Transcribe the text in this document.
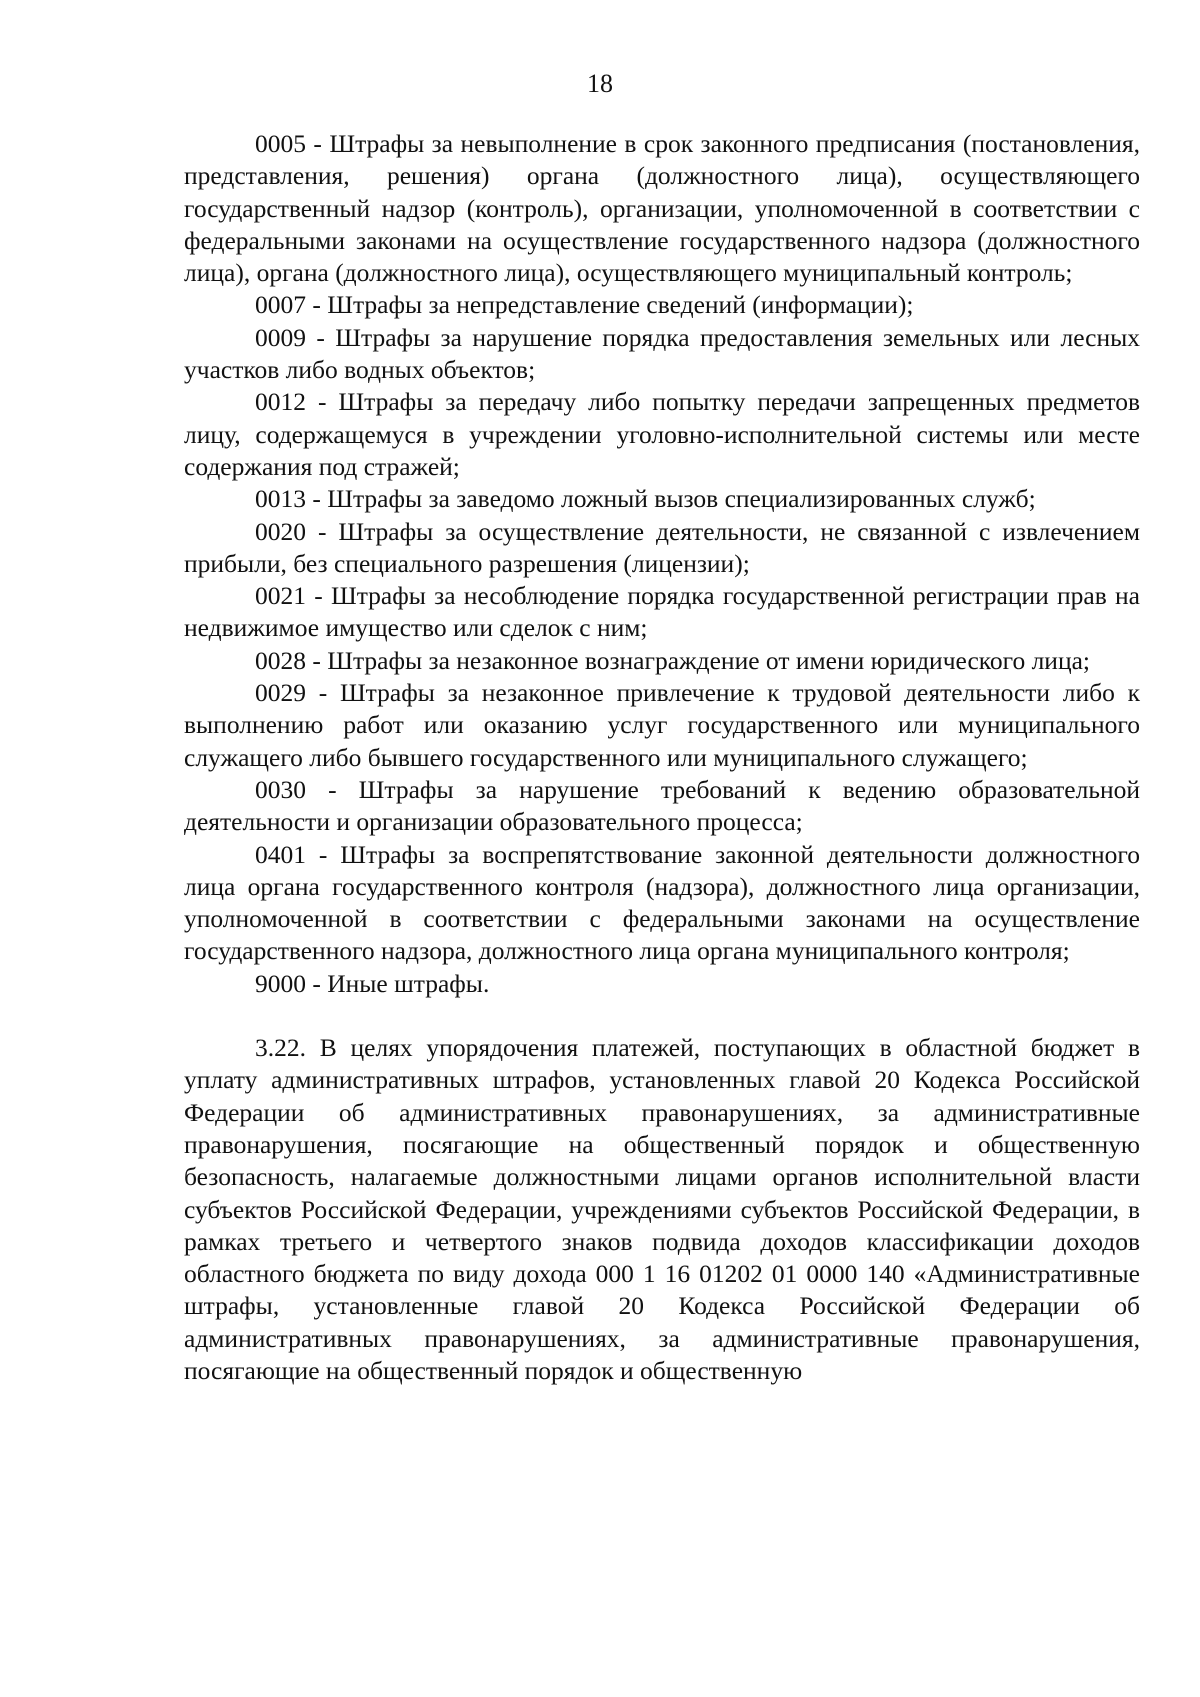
18

0005 - Штрафы за невыполнение в срок законного предписания (постановления, представления, решения) органа (должностного лица), осуществляющего государственный надзор (контроль), организации, уполномоченной в соответствии с федеральными законами на осуществление государственного надзора (должностного лица), органа (должностного лица), осуществляющего муниципальный контроль;

0007 - Штрафы за непредставление сведений (информации);

0009 - Штрафы за нарушение порядка предоставления земельных или лесных участков либо водных объектов;

0012 - Штрафы за передачу либо попытку передачи запрещенных предметов лицу, содержащемуся в учреждении уголовно-исполнительной системы или месте содержания под стражей;

0013 - Штрафы за заведомо ложный вызов специализированных служб;

0020 - Штрафы за осуществление деятельности, не связанной с извлечением прибыли, без специального разрешения (лицензии);

0021 - Штрафы за несоблюдение порядка государственной регистрации прав на недвижимое имущество или сделок с ним;

0028 - Штрафы за незаконное вознаграждение от имени юридического лица;

0029 - Штрафы за незаконное привлечение к трудовой деятельности либо к выполнению работ или оказанию услуг государственного или муниципального служащего либо бывшего государственного или муниципального служащего;

0030 - Штрафы за нарушение требований к ведению образовательной деятельности и организации образовательного процесса;

0401 - Штрафы за воспрепятствование законной деятельности должностного лица органа государственного контроля (надзора), должностного лица организации, уполномоченной в соответствии с федеральными законами на осуществление государственного надзора, должностного лица органа муниципального контроля;

9000 - Иные штрафы.

3.22. В целях упорядочения платежей, поступающих в областной бюджет в уплату административных штрафов, установленных главой 20 Кодекса Российской Федерации об административных правонарушениях, за административные правонарушения, посягающие на общественный порядок и общественную безопасность, налагаемые должностными лицами органов исполнительной власти субъектов Российской Федерации, учреждениями субъектов Российской Федерации, в рамках третьего и четвертого знаков подвида доходов классификации доходов областного бюджета по виду дохода 000 1 16 01202 01 0000 140 «Административные штрафы, установленные главой 20 Кодекса Российской Федерации об административных правонарушениях, за административные правонарушения, посягающие на общественный порядок и общественную
